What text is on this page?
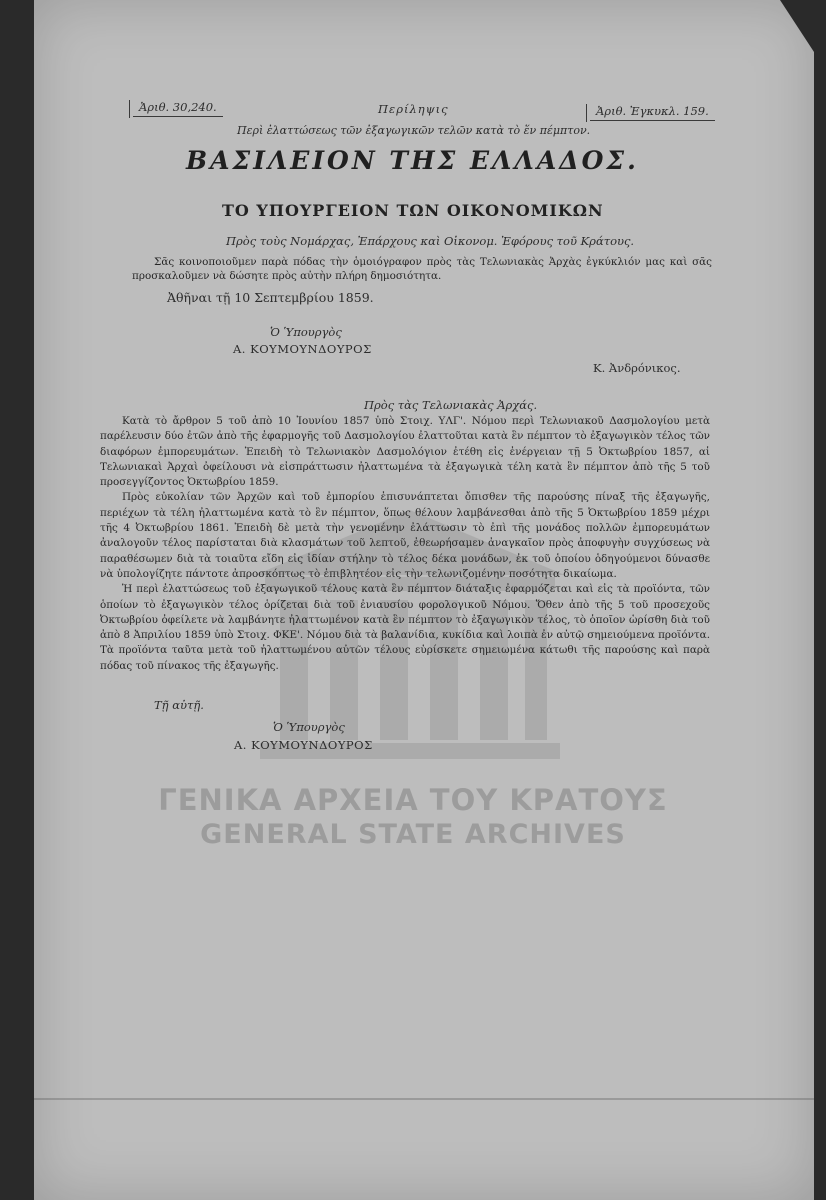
Ἀριθ. 30,240.	Περίληψις	Ἀριθ. Ἐγκυκλ. 159.
Περὶ ἐλαττώσεως τῶν ἐξαγωγικῶν τελῶν κατὰ τὸ ἕν πέμπτον.
ΒΑΣΙΛΕΙΟΝ ΤΗΣ ΕΛΛΑΔΟΣ.
ΤΟ ΥΠΟΥΡΓΕΙΟΝ ΤΩΝ ΟΙΚΟΝΟΜΙΚΩΝ
Πρὸς τοὺς Νομάρχας, Ἐπάρχους καὶ Οἰκονομ. Ἐφόρους τοῦ Κράτους.

Σᾶς κοινοποιοῦμεν παρὰ πόδας τὴν ὁμοιόγραφον πρὸς τὰς Τελωνιακὰς Ἀρχὰς ἐγκύκλιόν μας καὶ σᾶς προσκαλοῦμεν νὰ δώσητε πρὸς αὐτὴν πλήρη δημοσιότητα.

Ἀθῆναι τῇ 10 Σεπτεμβρίου 1859.
Ὁ Ὑπουργὸς
Α. ΚΟΥΜΟΥΝΔΟΥΡΟΣ
Κ. Ἀνδρόνικος.
Πρὸς τὰς Τελωνιακὰς Ἀρχάς.

Κατὰ τὸ ἄρθρον 5 τοῦ ἀπὸ 10 Ἰουνίου 1857 ὑπὸ Στοιχ. ΥΛΓ'. Νόμου περὶ Τελωνιακοῦ Δασμολογίου μετὰ παρέλευσιν δύο ἐτῶν ἀπὸ τῆς ἐφαρμογῆς τοῦ Δασμολογίου ἐλαττοῦται κατὰ ἓν πέμπτον τὸ ἐξαγωγικὸν τέλος τῶν διαφόρων ἐμπορευμάτων. Ἐπειδὴ τὸ Τελωνιακὸν Δασμολόγιον ἐτέθη εἰς ἐνέργειαν τῇ 5 Ὀκτωβρίου 1857, αἱ Τελωνιακαὶ Ἀρχαὶ ὀφείλουσι νὰ εἰσπράττωσιν ἠλαττωμένα τὰ ἐξαγωγικὰ τέλη κατὰ ἓν πέμπτον ἀπὸ τῆς 5 τοῦ προσεγγίζοντος Ὀκτωβρίου 1859.

Πρὸς εὐκολίαν τῶν Ἀρχῶν καὶ τοῦ ἐμπορίου ἐπισυνάπτεται ὄπισθεν τῆς παρούσης πίναξ τῆς ἐξαγωγῆς, περιέχων τὰ τέλη ἠλαττωμένα κατὰ τὸ ἓν πέμπτον, ὅπως θέλουν λαμβάνεσθαι ἀπὸ τῆς 5 Ὀκτωβρίου 1859 μέχρι τῆς 4 Ὀκτωβρίου 1861. Ἐπειδὴ δὲ μετὰ τὴν γενομένην ἐλάττωσιν τὸ ἐπὶ τῆς μονάδος πολλῶν ἐμπορευμάτων ἀναλογοῦν τέλος παρίσταται διὰ κλασμάτων τοῦ λεπτοῦ, ἐθεωρήσαμεν ἀναγκαῖον πρὸς ἀποφυγὴν συγχύσεως νὰ παραθέσωμεν διὰ τὰ τοιαῦτα εἴδη εἰς ἰδίαν στήλην τὸ τέλος δέκα μονάδων, ἐκ τοῦ ὁποίου ὁδηγούμενοι δύνασθε νὰ ὑπολογίζητε πάντοτε ἀπροσκόπτως τὸ ἐπιβλητέον εἰς τὴν τελωνιζομένην ποσότητα δικαίωμα.

Ἡ περὶ ἐλαττώσεως τοῦ ἐξαγωγικοῦ τέλους κατὰ ἓν πέμπτον διάταξις ἐφαρμόζεται καὶ εἰς τὰ προϊόντα, τῶν ὁποίων τὸ ἐξαγωγικὸν τέλος ὁρίζεται διὰ τοῦ ἐνιαυσίου φορολογικοῦ Νόμου. Ὅθεν ἀπὸ τῆς 5 τοῦ προσεχοῦς Ὀκτωβρίου ὀφείλετε νὰ λαμβάνητε ἠλαττωμένον κατὰ ἓν πέμπτον τὸ ἐξαγωγικὸν τέλος, τὸ ὁποῖον ὡρίσθη διὰ τοῦ ἀπὸ 8 Ἀπριλίου 1859 ὑπὸ Στοιχ. ΦΚΕ'. Νόμου διὰ τὰ βαλανίδια, κυκίδια καὶ λοιπὰ ἐν αὐτῷ σημειούμενα προϊόντα. Τὰ προϊόντα ταῦτα μετὰ τοῦ ἠλαττωμένου αὐτῶν τέλους εὑρίσκετε σημειωμένα κάτωθι τῆς παρούσης καὶ παρὰ πόδας τοῦ πίνακος τῆς ἐξαγωγῆς.

Τῇ αὐτῇ.
Ὁ Ὑπουργὸς
Α. ΚΟΥΜΟΥΝΔΟΥΡΟΣ
ΓΕΝΙΚΑ ΑΡΧΕΙΑ ΤΟΥ ΚΡΑΤΟΥΣ
GENERAL STATE ARCHIVES
